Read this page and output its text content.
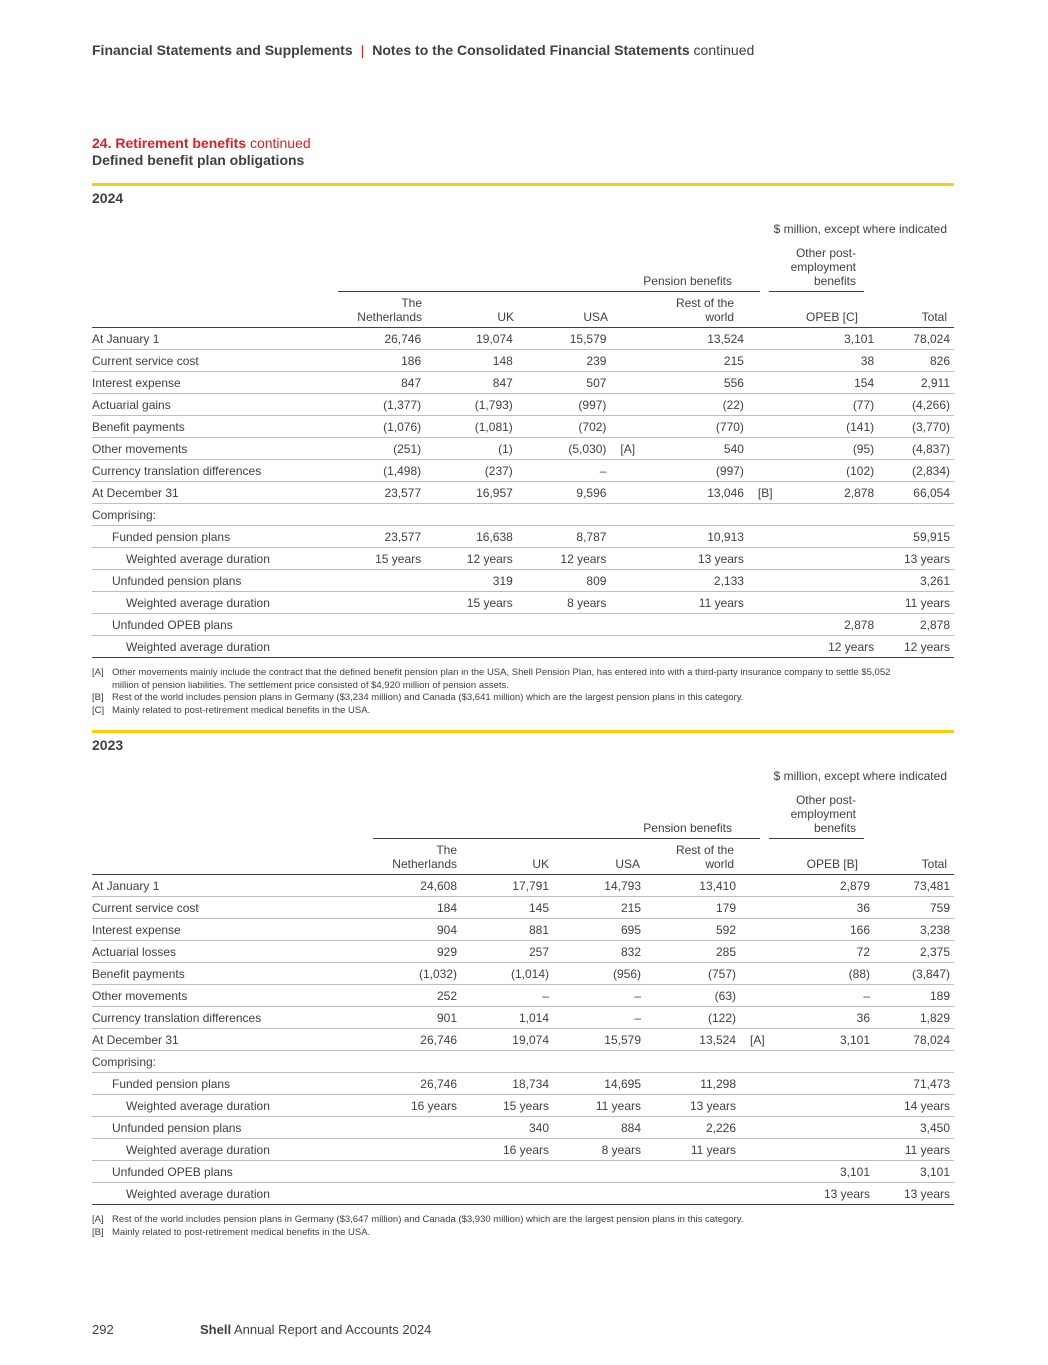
Financial Statements and Supplements | Notes to the Consolidated Financial Statements continued
24. Retirement benefits continued
Defined benefit plan obligations
2024
$ million, except where indicated
Pension benefits
Other post-
employment
benefits
The
Netherlands	UK	USA
Rest of the
world	OPEB [C]	Total
At January 1	26,746	19,074	15,579		13,524		3,101	78,024
Current service cost	186	148	239		215		38	826
Interest expense	847	847	507		556		154	2,911
Actuarial gains	(1,377)	(1,793)	(997)		(22)		(77)	(4,266)
Benefit payments	(1,076)	(1,081)	(702)		(770)		(141)	(3,770)
Other movements	(251)	(1)	(5,030)	[A]	540		(95)	(4,837)
Currency translation differences	(1,498)	(237)	–		(997)		(102)	(2,834)
At December 31	23,577	16,957	9,596		13,046	[B]	2,878	66,054
Comprising:								
Funded pension plans	23,577	16,638	8,787		10,913			59,915
Weighted average duration	15 years	12 years	12 years		13 years			13 years
Unfunded pension plans		319	809		2,133			3,261
Weighted average duration		15 years	8 years		11 years			11 years
Unfunded OPEB plans							2,878	2,878
Weighted average duration							12 years	12 years
[A] Other movements mainly include the contract that the defined benefit pension plan in the USA, Shell Pension Plan, has entered into with a third-party insurance company to settle $5,052 million of pension liabilities. The settlement price consisted of $4,920 million of pension assets.
[B] Rest of the world includes pension plans in Germany ($3,234 million) and Canada ($3,641 million) which are the largest pension plans in this category.
[C] Mainly related to post-retirement medical benefits in the USA.
2023
$ million, except where indicated
Pension benefits
Other post-
employment
benefits
The
Netherlands	UK	USA
Rest of the
world	OPEB [B]	Total
At January 1	24,608	17,791	14,793	13,410		2,879	73,481
Current service cost	184	145	215	179		36	759
Interest expense	904	881	695	592		166	3,238
Actuarial losses	929	257	832	285		72	2,375
Benefit payments	(1,032)	(1,014)	(956)	(757)		(88)	(3,847)
Other movements	252	–	–	(63)		–	189
Currency translation differences	901	1,014	–	(122)		36	1,829
At December 31	26,746	19,074	15,579	13,524	[A]	3,101	78,024
Comprising:							
Funded pension plans	26,746	18,734	14,695	11,298			71,473
Weighted average duration	16 years	15 years	11 years	13 years			14 years
Unfunded pension plans		340	884	2,226			3,450
Weighted average duration		16 years	8 years	11 years			11 years
Unfunded OPEB plans						3,101	3,101
Weighted average duration						13 years	13 years
[A] Rest of the world includes pension plans in Germany ($3,647 million) and Canada ($3,930 million) which are the largest pension plans in this category.
[B] Mainly related to post-retirement medical benefits in the USA.
292	Shell Annual Report and Accounts 2024
